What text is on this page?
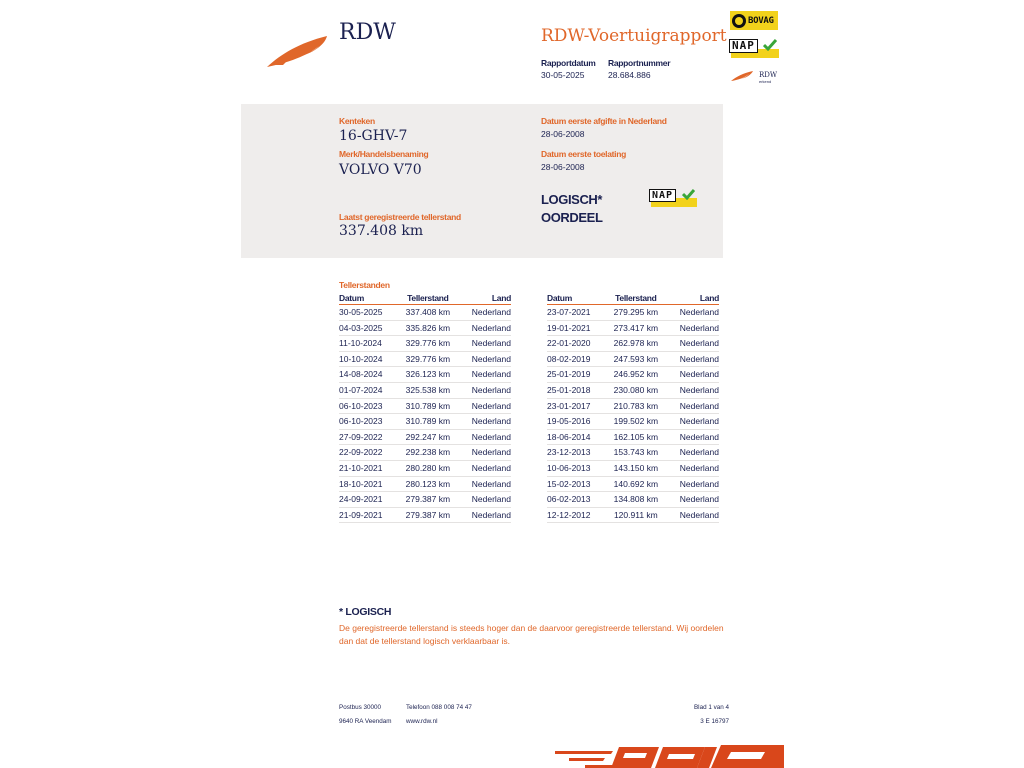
RDW	RDW-Voertuigrapport
Rapportdatum
30-05-2025
Rapportnummer
28.684.886
BOVAG
NAP
RDW
erkend
Kenteken
16-GHV-7
Merk/Handelsbenaming
VOLVO V70
Laatst geregistreerde tellerstand
337.408 km
Datum eerste afgifte in Nederland
28-06-2008
Datum eerste toelating
28-06-2008
LOGISCH*
OORDEEL
NAP
Tellerstanden
Datum	Tellerstand	Land
30-05-2025	337.408 km	Nederland
04-03-2025	335.826 km	Nederland
11-10-2024	329.776 km	Nederland
10-10-2024	329.776 km	Nederland
14-08-2024	326.123 km	Nederland
01-07-2024	325.538 km	Nederland
06-10-2023	310.789 km	Nederland
06-10-2023	310.789 km	Nederland
27-09-2022	292.247 km	Nederland
22-09-2022	292.238 km	Nederland
21-10-2021	280.280 km	Nederland
18-10-2021	280.123 km	Nederland
24-09-2021	279.387 km	Nederland
21-09-2021	279.387 km	Nederland
Datum	Tellerstand	Land
23-07-2021	279.295 km	Nederland
19-01-2021	273.417 km	Nederland
22-01-2020	262.978 km	Nederland
08-02-2019	247.593 km	Nederland
25-01-2019	246.952 km	Nederland
25-01-2018	230.080 km	Nederland
23-01-2017	210.783 km	Nederland
19-05-2016	199.502 km	Nederland
18-06-2014	162.105 km	Nederland
23-12-2013	153.743 km	Nederland
10-06-2013	143.150 km	Nederland
15-02-2013	140.692 km	Nederland
06-02-2013	134.808 km	Nederland
12-12-2012	120.911 km	Nederland
* LOGISCH
De geregistreerde tellerstand is steeds hoger dan de daarvoor geregistreerde tellerstand. Wij oordelen dan dat de tellerstand logisch verklaarbaar is.
Postbus 30000
9640 RA Veendam
Telefoon 088 008 74 47
www.rdw.nl
Blad 1 van 4
3 E 16797
